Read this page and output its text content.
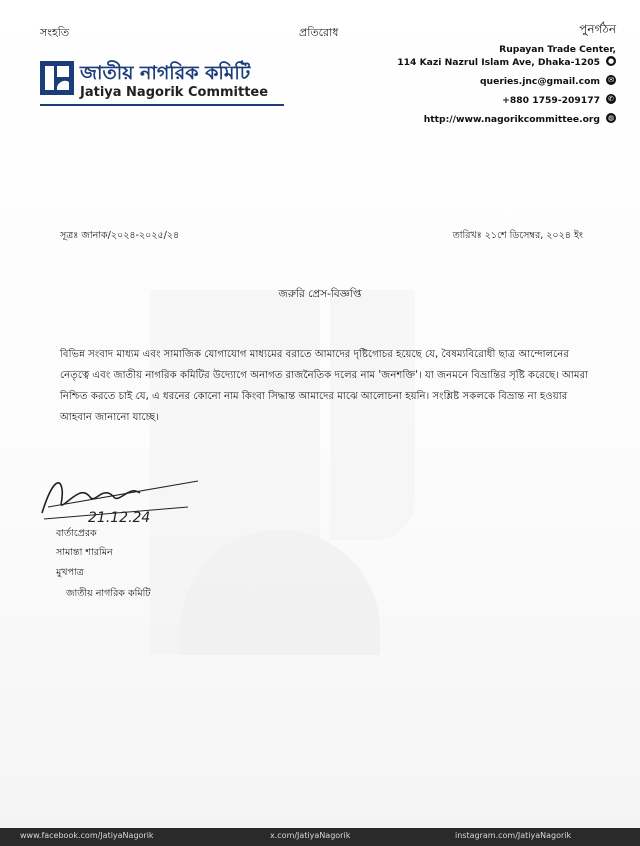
সংহতি	প্রতিরোধ	পুনর্গঠন
জাতীয় নাগরিক কমিটি
Jatiya Nagorik Committee
Rupayan Trade Center,
114 Kazi Nazrul Islam Ave, Dhaka-1205 ●
queries.jnc@gmail.com ✉
+880 1759-209177 ✆
http://www.nagorikcommittee.org ◍
সূত্রঃ জানাক/২০২৪-২০২৫/২৪	তারিখঃ ২১শে ডিসেম্বর, ২০২৪ ইং
জরুরি প্রেস-বিজ্ঞপ্তি
বিভিন্ন সংবাদ মাধ্যম এবং সামাজিক যোগাযোগ মাধ্যমের বরাতে আমাদের দৃষ্টিগোচর হয়েছে যে, বৈষম্যবিরোধী ছাত্র আন্দোলনের নেতৃত্বে এবং জাতীয় নাগরিক কমিটির উদ্যোগে অনাগত রাজনৈতিক দলের নাম 'জনশক্তি'। যা জনমনে বিভ্রান্তির সৃষ্টি করেছে। আমরা নিশ্চিত করতে চাই যে, এ ধরনের কোনো নাম কিংবা সিদ্ধান্ত আমাদের মাঝে আলোচনা হয়নি। সংশ্লিষ্ট সকলকে বিভ্রান্ত না হওয়ার আহবান জানানো যাচ্ছে।
21.12.24
বার্তাপ্রেরক
সামান্তা শারমিন
মুখপাত্র
জাতীয় নাগরিক কমিটি
www.facebook.com/JatiyaNagorik	x.com/JatiyaNagorik	instagram.com/JatiyaNagorik
